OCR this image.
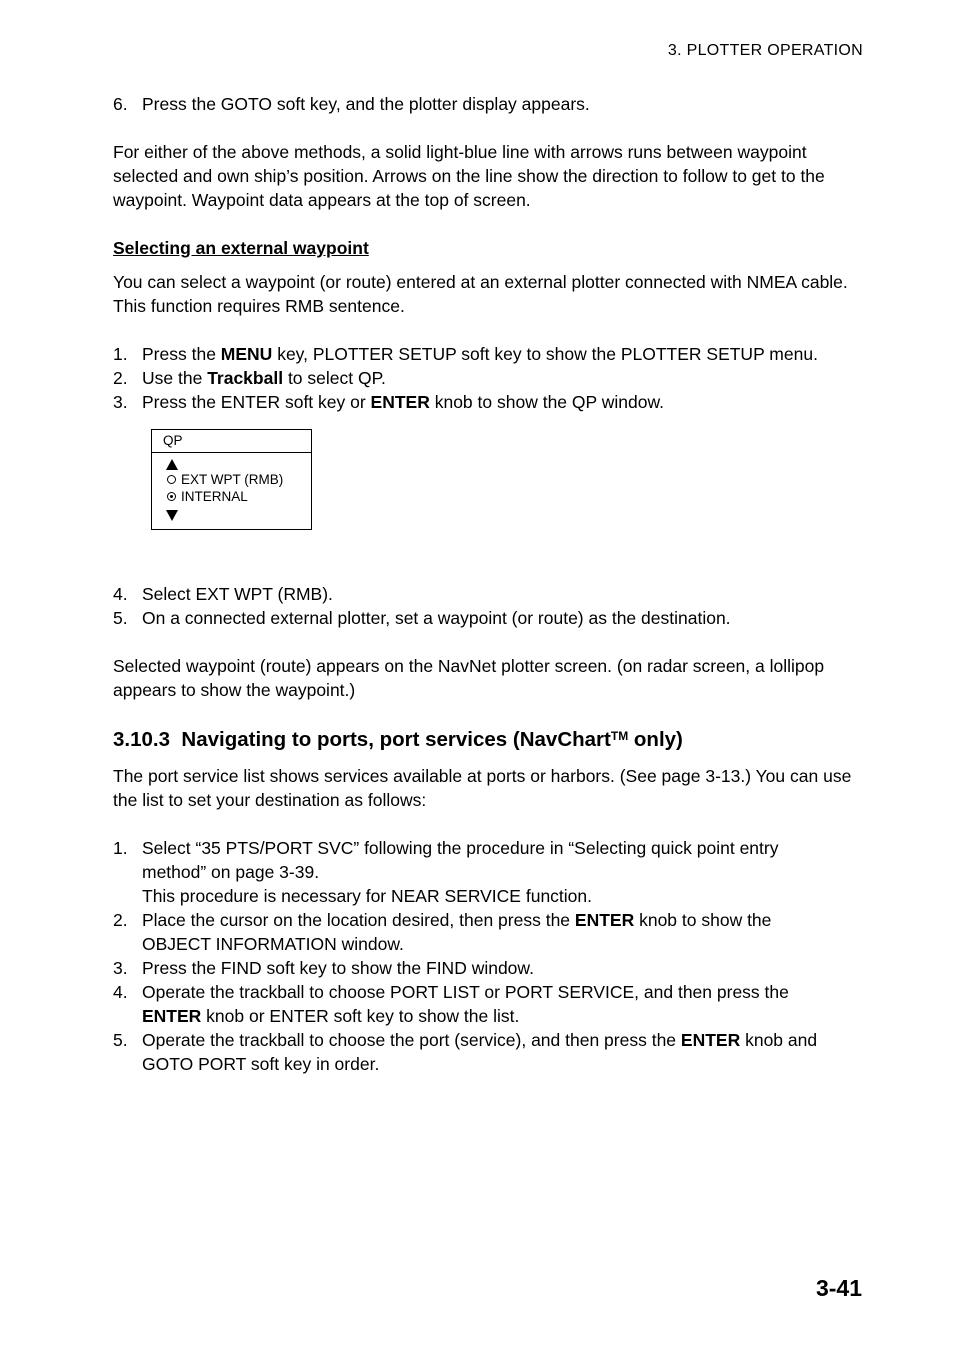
3. PLOTTER OPERATION
6. Press the GOTO soft key, and the plotter display appears.

For either of the above methods, a solid light-blue line with arrows runs between waypoint selected and own ship’s position. Arrows on the line show the direction to follow to get to the waypoint. Waypoint data appears at the top of screen.

Selecting an external waypoint

You can select a waypoint (or route) entered at an external plotter connected with NMEA cable. This function requires RMB sentence.

1. Press the MENU key, PLOTTER SETUP soft key to show the PLOTTER SETUP menu.
2. Use the Trackball to select QP.
3. Press the ENTER soft key or ENTER knob to show the QP window.
QP
EXT WPT (RMB)
INTERNAL
4. Select EXT WPT (RMB).
5. On a connected external plotter, set a waypoint (or route) as the destination.

Selected waypoint (route) appears on the NavNet plotter screen. (on radar screen, a lollipop appears to show the waypoint.)

3.10.3 Navigating to ports, port services (NavChart™ only)

The port service list shows services available at ports or harbors. (See page 3-13.) You can use the list to set your destination as follows:

1. Select “35 PTS/PORT SVC” following the procedure in “Selecting quick point entry method” on page 3-39.
This procedure is necessary for NEAR SERVICE function.
2. Place the cursor on the location desired, then press the ENTER knob to show the OBJECT INFORMATION window.
3. Press the FIND soft key to show the FIND window.
4. Operate the trackball to choose PORT LIST or PORT SERVICE, and then press the ENTER knob or ENTER soft key to show the list.
5. Operate the trackball to choose the port (service), and then press the ENTER knob and GOTO PORT soft key in order.
3-41
